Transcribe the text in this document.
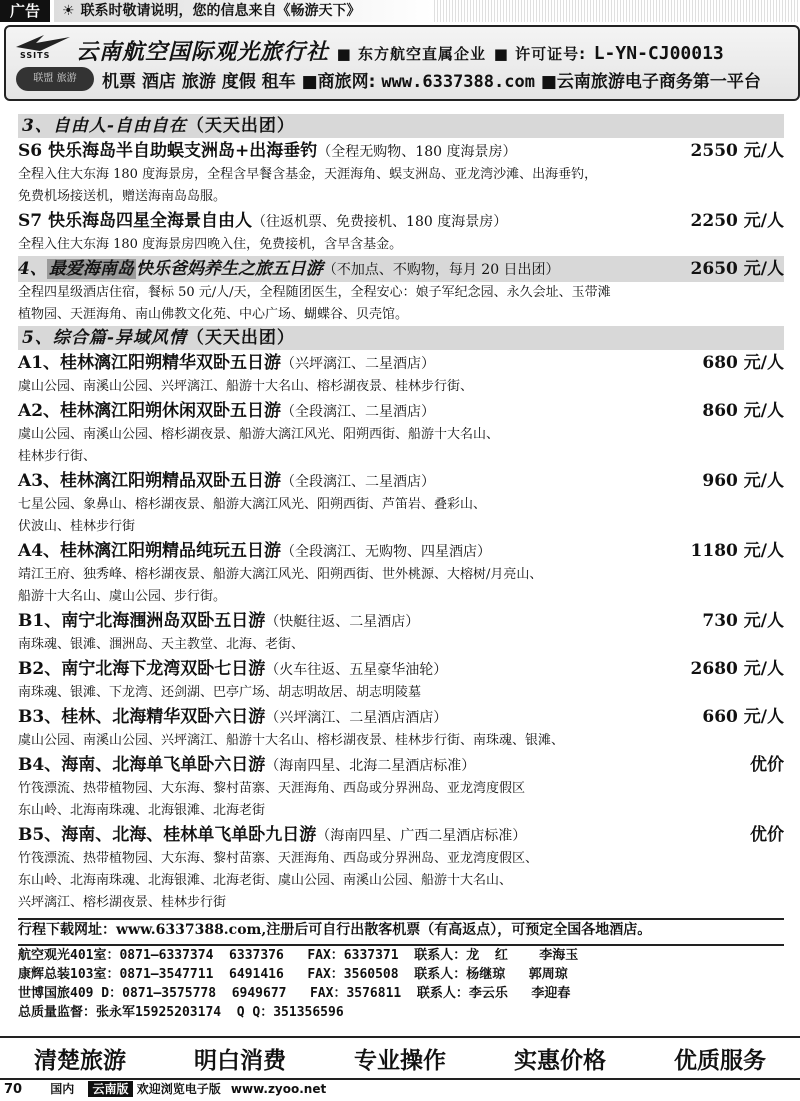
广告	☀ 联系时敬请说明，您的信息来自《畅游天下》
SSITS 云南航空国际观光旅行社 ■ 东方航空直属企业 ■ 许可证号: L-YN-CJ00013
联盟 旅游	机票 酒店 旅游 度假 租车 ■商旅网: www.6337388.com ■云南旅游电子商务第一平台
3、自由人-自由自在（天天出团）
S6 快乐海岛半自助蜈支洲岛+出海垂钓（全程无购物、180 度海景房）	2550 元/人
全程入住大东海 180 度海景房，全程含早餐含基金，天涯海角、蜈支洲岛、亚龙湾沙滩、出海垂钓，
免费机场接送机，赠送海南岛岛服。
S7 快乐海岛四星全海景自由人（往返机票、免费接机、180 度海景房）	2250 元/人
全程入住大东海 180 度海景房四晚入住，免费接机，含早含基金。
4、 最爱海南岛 快乐爸妈养生之旅五日游（不加点、不购物，每月 20 日出团）	2650 元/人
全程四星级酒店住宿，餐标 50 元/人/天，全程随团医生，全程安心：娘子军纪念园、永久会址、玉带滩
植物园、天涯海角、南山佛教文化苑、中心广场、蝴蝶谷、贝壳馆。
5、综合篇-异域风情（天天出团）
A1、桂林漓江阳朔精华双卧五日游（兴坪漓江、二星酒店）	680 元/人
虞山公园、南溪山公园、兴坪漓江、船游十大名山、榕杉湖夜景、桂林步行街、
A2、桂林漓江阳朔休闲双卧五日游（全段漓江、二星酒店）	860 元/人
虞山公园、南溪山公园、榕杉湖夜景、船游大漓江风光、阳朔西街、船游十大名山、
桂林步行街、
A3、桂林漓江阳朔精品双卧五日游（全段漓江、二星酒店）	960 元/人
七星公园、象鼻山、榕杉湖夜景、船游大漓江风光、阳朔西街、芦笛岩、叠彩山、
伏波山、桂林步行街
A4、桂林漓江阳朔精品纯玩五日游（全段漓江、无购物、四星酒店）	1180 元/人
靖江王府、独秀峰、榕杉湖夜景、船游大漓江风光、阳朔西街、世外桃源、大榕树/月亮山、
船游十大名山、虞山公园、步行街。
B1、南宁北海涠洲岛双卧五日游（快艇往返、二星酒店）	730 元/人
南珠魂、银滩、涠洲岛、天主教堂、北海、老街、
B2、南宁北海下龙湾双卧七日游（火车往返、五星豪华油轮）	2680 元/人
南珠魂、银滩、下龙湾、还剑湖、巴亭广场、胡志明故居、胡志明陵墓
B3、桂林、北海精华双卧六日游（兴坪漓江、二星酒店酒店）	660 元/人
虞山公园、南溪山公园、兴坪漓江、船游十大名山、榕杉湖夜景、桂林步行街、南珠魂、银滩、
B4、海南、北海单飞单卧六日游（海南四星、北海二星酒店标准）	优价
竹筏漂流、热带植物园、大东海、黎村苗寨、天涯海角、西岛或分界洲岛、亚龙湾度假区
东山岭、北海南珠魂、北海银滩、北海老街
B5、海南、北海、桂林单飞单卧九日游（海南四星、广西二星酒店标准）	优价
竹筏漂流、热带植物园、大东海、黎村苗寨、天涯海角、西岛或分界洲岛、亚龙湾度假区、
东山岭、北海南珠魂、北海银滩、北海老街、虞山公园、南溪山公园、船游十大名山、
兴坪漓江、榕杉湖夜景、桂林步行街
行程下载网址：www.6337388.com,注册后可自行出散客机票（有高返点），可预定全国各地酒店。
航空观光401室：0871—6337374  6337376   FAX：6337371  联系人：龙  红    李海玉
康辉总装103室：0871—3547711  6491416   FAX：3560508  联系人：杨继琼   郭周琼
世博国旅409 D：0871—3575778  6949677   FAX：3576811  联系人：李云乐   李迎春
总质量监督：张永军15925203174  Q Q：351356596
清楚旅游	明白消费	专业操作	实惠价格	优质服务
70 国内 云南版 欢迎浏览电子版 www.zyoo.net
